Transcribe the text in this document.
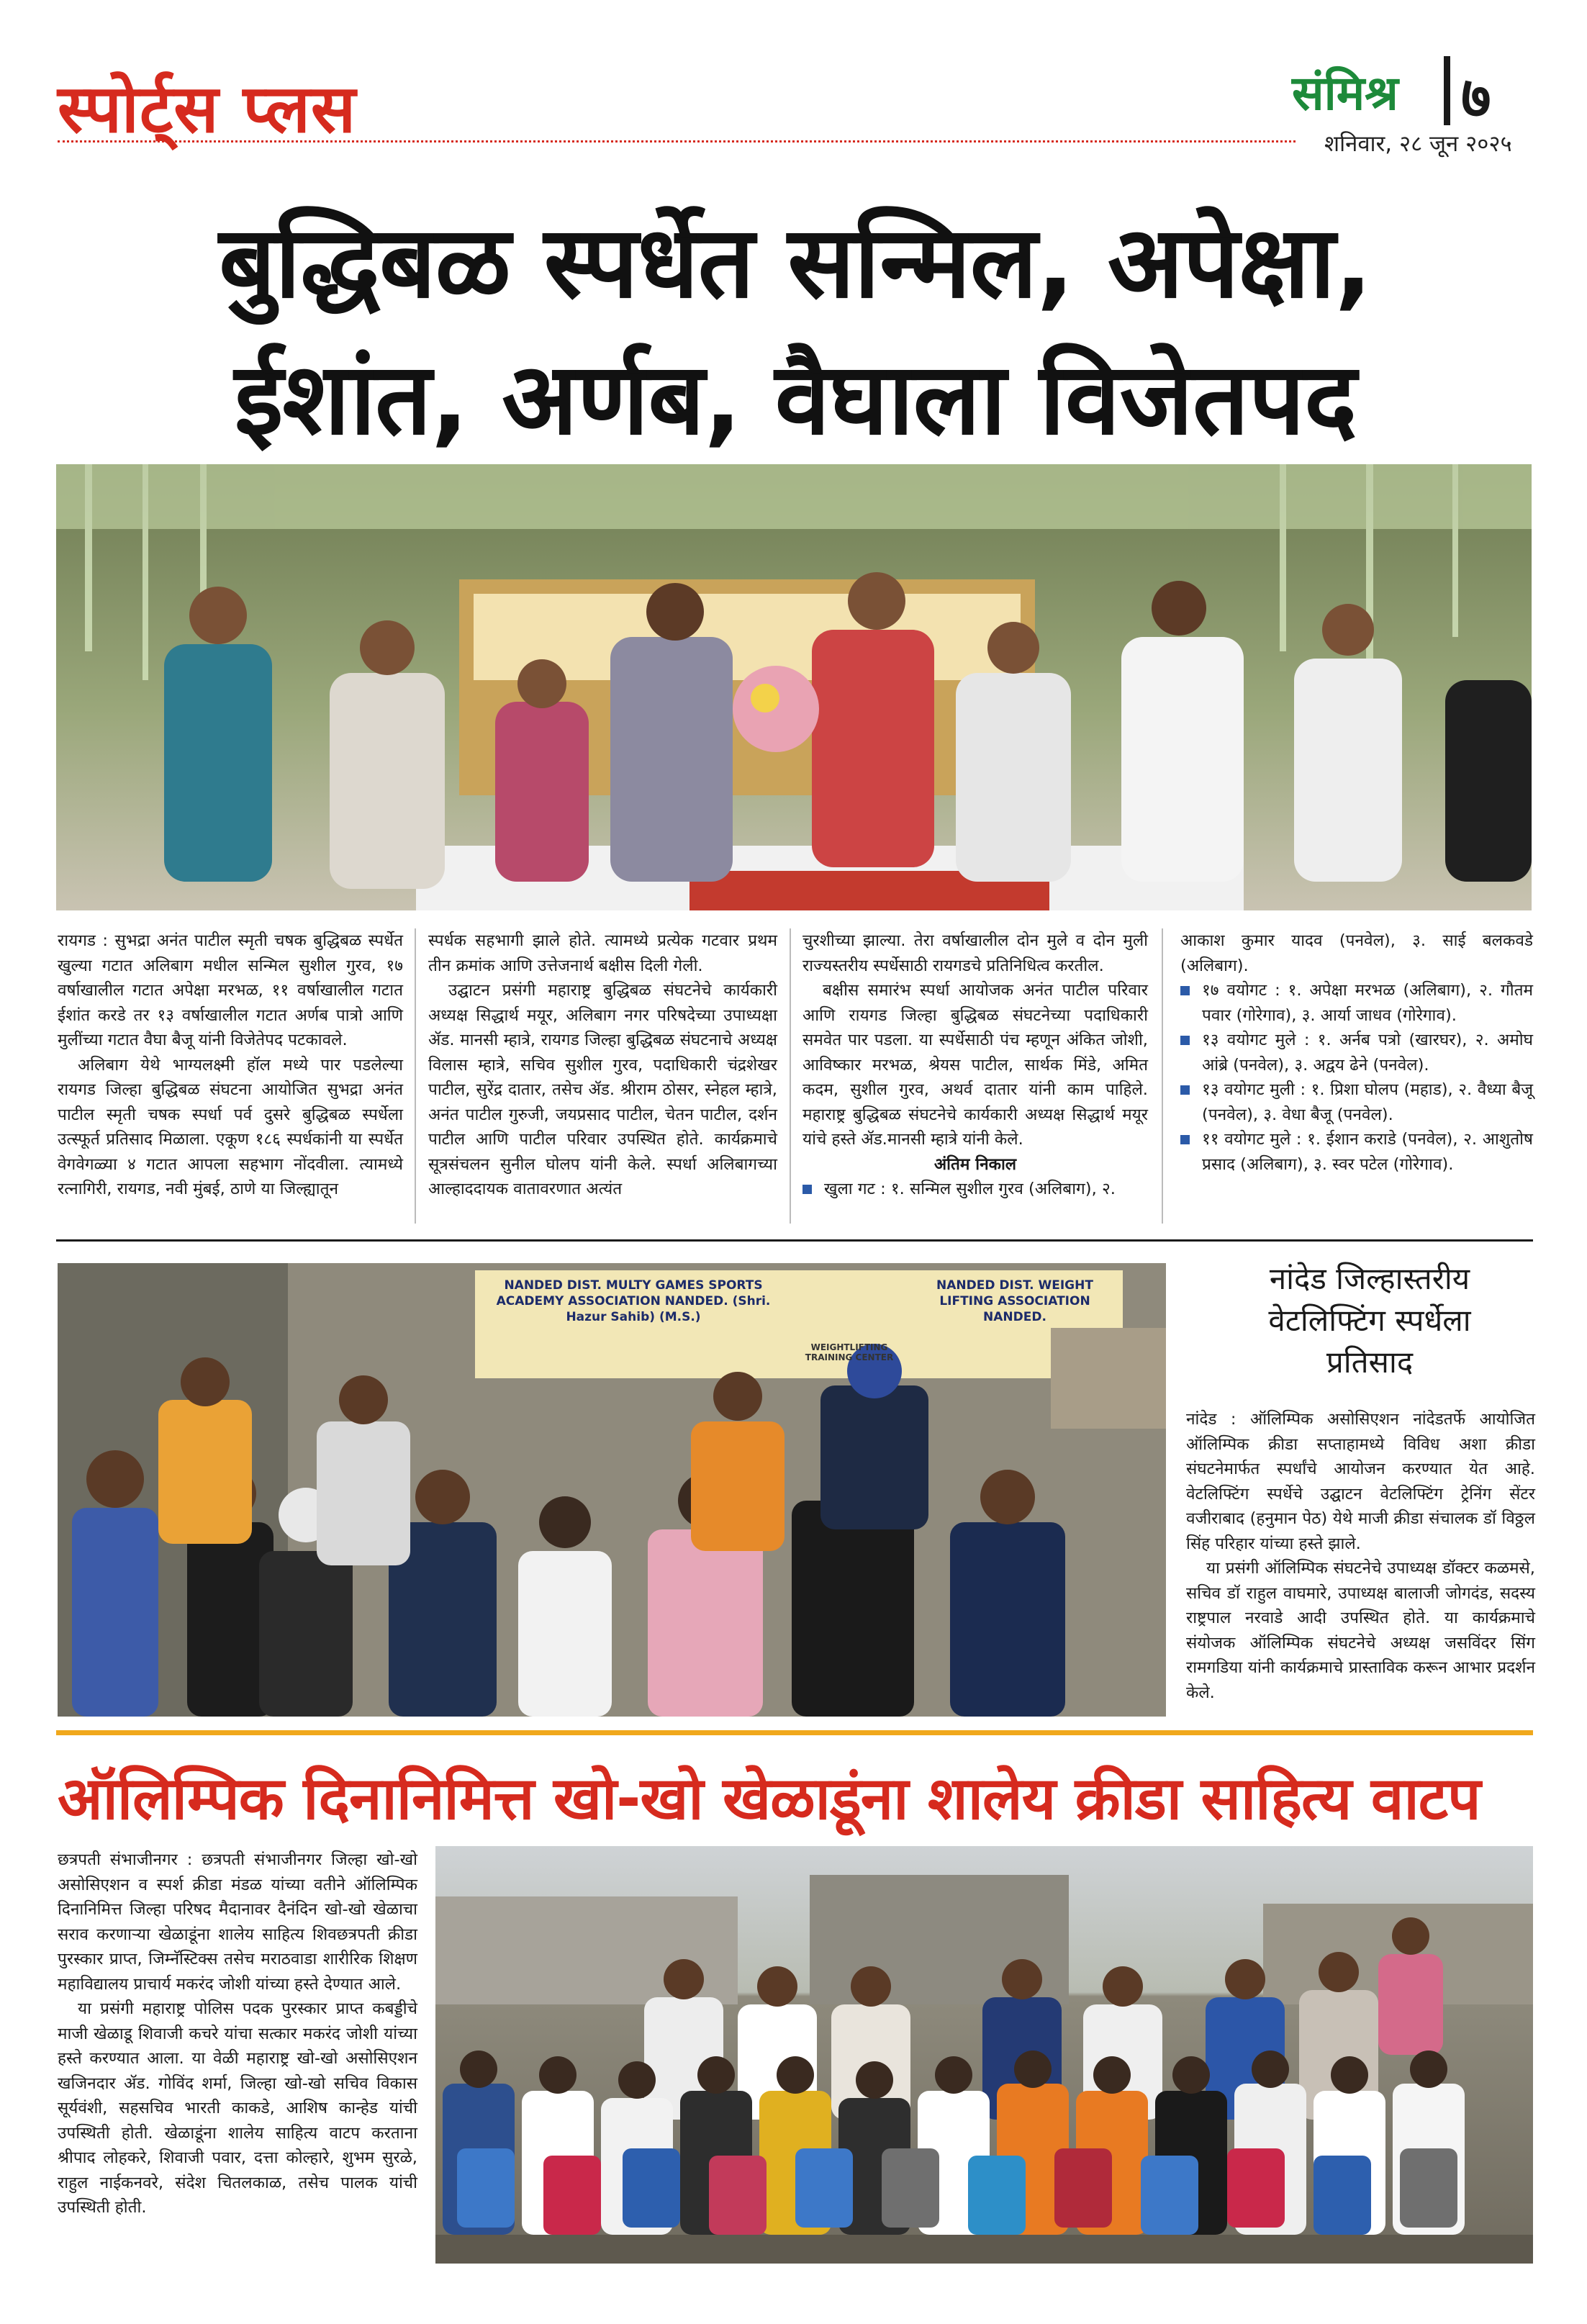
स्पोर्ट्स प्लस	संमिश्र ७
शनिवार, २८ जून २०२५
बुद्धिबळ स्पर्धेत सन्मिल, अपेक्षा,
ईशांत, अर्णब, वैघाला विजेतपद

रायगड : सुभद्रा अनंत पाटील स्मृती चषक बुद्धिबळ स्पर्धेत खुल्या गटात अलिबाग मधील सन्मिल सुशील गुरव, १७ वर्षाखालील गटात अपेक्षा मरभळ, ११ वर्षाखालील गटात ईशांत करडे तर १३ वर्षाखालील गटात अर्णब पात्रो आणि मुलींच्या गटात वैघा बैजू यांनी विजेतेपद पटकावले.

अलिबाग येथे भाग्यलक्ष्मी हॉल मध्ये पार पडलेल्या रायगड जिल्हा बुद्धिबळ संघटना आयोजित सुभद्रा अनंत पाटील स्मृती चषक स्पर्धा पर्व दुसरे बुद्धिबळ स्पर्धेला उत्स्फूर्त प्रतिसाद मिळाला. एकूण १८६ स्पर्धकांनी या स्पर्धेत वेगवेगळ्या ४ गटात आपला सहभाग नोंदवीला. त्यामध्ये रत्नागिरी, रायगड, नवी मुंबई, ठाणे या जिल्ह्यातून

स्पर्धक सहभागी झाले होते. त्यामध्ये प्रत्येक गटवार प्रथम तीन क्रमांक आणि उत्तेजनार्थ बक्षीस दिली गेली.

उद्घाटन प्रसंगी महाराष्ट्र बुद्धिबळ संघटनेचे कार्यकारी अध्यक्ष सिद्धार्थ मयूर, अलिबाग नगर परिषदेच्या उपाध्यक्षा ॲड. मानसी म्हात्रे, रायगड जिल्हा बुद्धिबळ संघटनाचे अध्यक्ष विलास म्हात्रे, सचिव सुशील गुरव, पदाधिकारी चंद्रशेखर पाटील, सुरेंद्र दातार, तसेच ॲड. श्रीराम ठोसर, स्नेहल म्हात्रे, अनंत पाटील गुरुजी, जयप्रसाद पाटील, चेतन पाटील, दर्शन पाटील आणि पाटील परिवार उपस्थित होते. कार्यक्रमाचे सूत्रसंचलन सुनील घोलप यांनी केले. स्पर्धा अलिबागच्या आल्हाददायक वातावरणात अत्यंत

चुरशीच्या झाल्या. तेरा वर्षाखालील दोन मुले व दोन मुली राज्यस्तरीय स्पर्धेसाठी रायगडचे प्रतिनिधित्व करतील.

बक्षीस समारंभ स्पर्धा आयोजक अनंत पाटील परिवार आणि रायगड जिल्हा बुद्धिबळ संघटनेच्या पदाधिकारी समवेत पार पडला. या स्पर्धेसाठी पंच म्हणून अंकित जोशी, आविष्कार मरभळ, श्रेयस पाटील, सार्थक मिंडे, अमित कदम, सुशील गुरव, अथर्व दातार यांनी काम पाहिले. महाराष्ट्र बुद्धिबळ संघटनेचे कार्यकारी अध्यक्ष सिद्धार्थ मयूर यांचे हस्ते ॲड.मानसी म्हात्रे यांनी केले.

अंतिम निकाल
खुला गट : १. सन्मिल सुशील गुरव (अलिबाग), २.
आकाश कुमार यादव (पनवेल), ३. साई बलकवडे (अलिबाग).
१७ वयोगट : १. अपेक्षा मरभळ (अलिबाग), २. गौतम पवार (गोरेगाव), ३. आर्या जाधव (गोरेगाव).
१३ वयोगट मुले : १. अर्नब पत्रो (खारघर), २. अमोघ आंब्रे (पनवेल), ३. अद्वय ढेने (पनवेल).
१३ वयोगट मुली : १. प्रिशा घोलप (महाड), २. वैध्या बैजू (पनवेल), ३. वेधा बैजू (पनवेल).
११ वयोगट मुले : १. ईशान कराडे (पनवेल), २. आशुतोष प्रसाद (अलिबाग), ३. स्वर पटेल (गोरेगाव).
NANDED DIST. MULTY GAMES SPORTS ACADEMY ASSOCIATION NANDED. (Shri. Hazur Sahib) (M.S.)
WEIGHTLIFTING TRAINING CENTER
NANDED DIST. WEIGHT LIFTING ASSOCIATION NANDED.
नांदेड जिल्हास्तरीय
वेटलिफ्टिंग स्पर्धेला
प्रतिसाद

नांदेड : ऑलिम्पिक असोसिएशन नांदेडतर्फे आयोजित ऑलिम्पिक क्रीडा सप्ताहामध्ये विविध अशा क्रीडा संघटनेमार्फत स्पर्धांचे आयोजन करण्यात येत आहे. वेटलिफ्टिंग स्पर्धेचे उद्घाटन वेटलिफ्टिंग ट्रेनिंग सेंटर वजीराबाद (हनुमान पेठ) येथे माजी क्रीडा संचालक डॉ विठ्ठल सिंह परिहार यांच्या हस्ते झाले.

या प्रसंगी ऑलिम्पिक संघटनेचे उपाध्यक्ष डॉक्टर कळमसे, सचिव डॉ राहुल वाघमारे, उपाध्यक्ष बालाजी जोगदंड, सदस्य राष्ट्रपाल नरवाडे आदी उपस्थित होते. या कार्यक्रमाचे संयोजक ऑलिम्पिक संघटनेचे अध्यक्ष जसविंदर सिंग रामगडिया यांनी कार्यक्रमाचे प्रास्ताविक करून आभार प्रदर्शन केले.

ऑलिम्पिक दिनानिमित्त खो-खो खेळाडूंना शालेय क्रीडा साहित्य वाटप

छत्रपती संभाजीनगर : छत्रपती संभाजीनगर जिल्हा खो-खो असोसिएशन व स्पर्श क्रीडा मंडळ यांच्या वतीने ऑलिम्पिक दिनानिमित्त जिल्हा परिषद मैदानावर दैनंदिन खो-खो खेळाचा सराव करणाऱ्या खेळाडूंना शालेय साहित्य शिवछत्रपती क्रीडा पुरस्कार प्राप्त, जिम्नॅस्टिक्स तसेच मराठवाडा शारीरिक शिक्षण महाविद्यालय प्राचार्य मकरंद जोशी यांच्या हस्ते देण्यात आले.

या प्रसंगी महाराष्ट्र पोलिस पदक पुरस्कार प्राप्त कबड्डीचे माजी खेळाडू शिवाजी कचरे यांचा सत्कार मकरंद जोशी यांच्या हस्ते करण्यात आला. या वेळी महाराष्ट्र खो-खो असोसिएशन खजिनदार ॲड. गोविंद शर्मा, जिल्हा खो-खो सचिव विकास सूर्यवंशी, सहसचिव भारती काकडे, आशिष कान्हेड यांची उपस्थिती होती. खेळाडूंना शालेय साहित्य वाटप करताना श्रीपाद लोहकरे, शिवाजी पवार, दत्ता कोल्हारे, शुभम सुरळे, राहुल नाईकनवरे, संदेश चितलकाळ, तसेच पालक यांची उपस्थिती होती.
